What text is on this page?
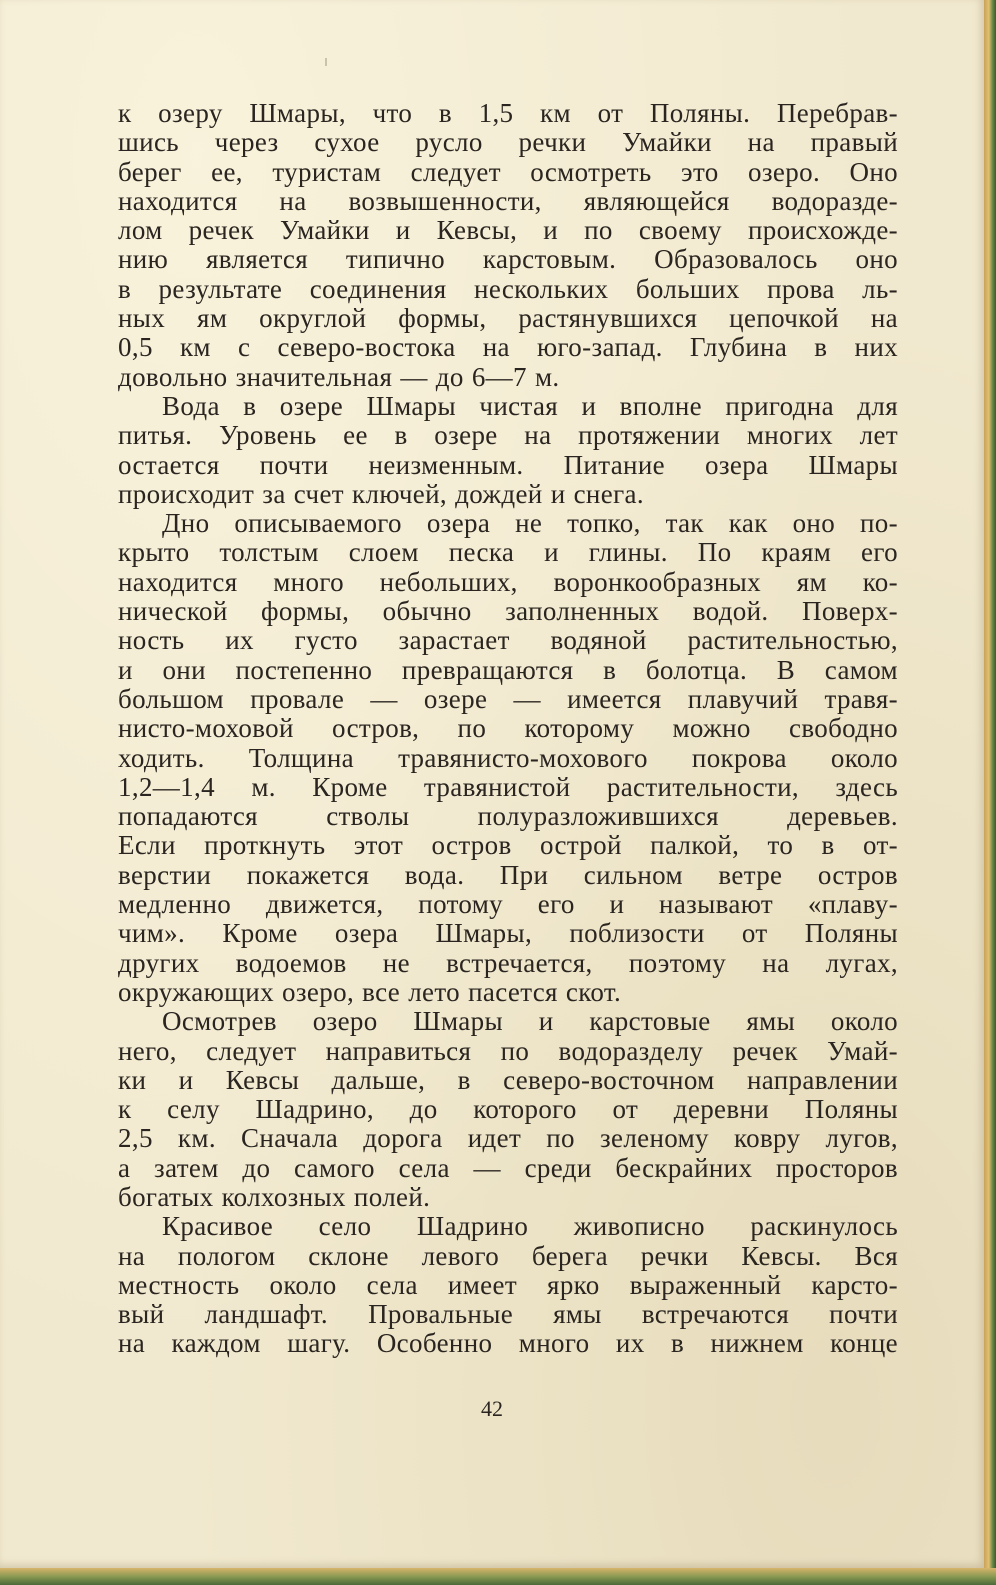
к озеру Шмары, что в 1,5 км от Поляны. Перебрав-
шись через сухое русло речки Умайки на правый
берег ее, туристам следует осмотреть это озеро. Оно
находится на возвышенности, являющейся водоразде-
лом речек Умайки и Кевсы, и по своему происхожде-
нию является типично карстовым. Образовалось оно
в результате соединения нескольких больших прова ль-
ных ям округлой формы, растянувшихся цепочкой на
0,5 км с северо-востока на юго-запад. Глубина в них
довольно значительная — до 6—7 м.
Вода в озере Шмары чистая и вполне пригодна для
питья. Уровень ее в озере на протяжении многих лет
остается почти неизменным. Питание озера Шмары
происходит за счет ключей, дождей и снега.
Дно описываемого озера не топко, так как оно по-
крыто толстым слоем песка и глины. По краям его
находится много небольших, воронкообразных ям ко-
нической формы, обычно заполненных водой. Поверх-
ность их густо зарастает водяной растительностью,
и они постепенно превращаются в болотца. В самом
большом провале — озере — имеется плавучий травя-
нисто-моховой остров, по которому можно свободно
ходить. Толщина травянисто-мохового покрова около
1,2—1,4 м. Кроме травянистой растительности, здесь
попадаются стволы полуразложившихся деревьев.
Если проткнуть этот остров острой палкой, то в от-
верстии покажется вода. При сильном ветре остров
медленно движется, потому его и называют «плаву-
чим». Кроме озера Шмары, поблизости от Поляны
других водоемов не встречается, поэтому на лугах,
окружающих озеро, все лето пасется скот.
Осмотрев озеро Шмары и карстовые ямы около
него, следует направиться по водоразделу речек Умай-
ки и Кевсы дальше, в северо-восточном направлении
к селу Шадрино, до которого от деревни Поляны
2,5 км. Сначала дорога идет по зеленому ковру лугов,
а затем до самого села — среди бескрайних просторов
богатых колхозных полей.
Красивое село Шадрино живописно раскинулось
на пологом склоне левого берега речки Кевсы. Вся
местность около села имеет ярко выраженный карсто-
вый ландшафт. Провальные ямы встречаются почти
на каждом шагу. Особенно много их в нижнем конце
42
